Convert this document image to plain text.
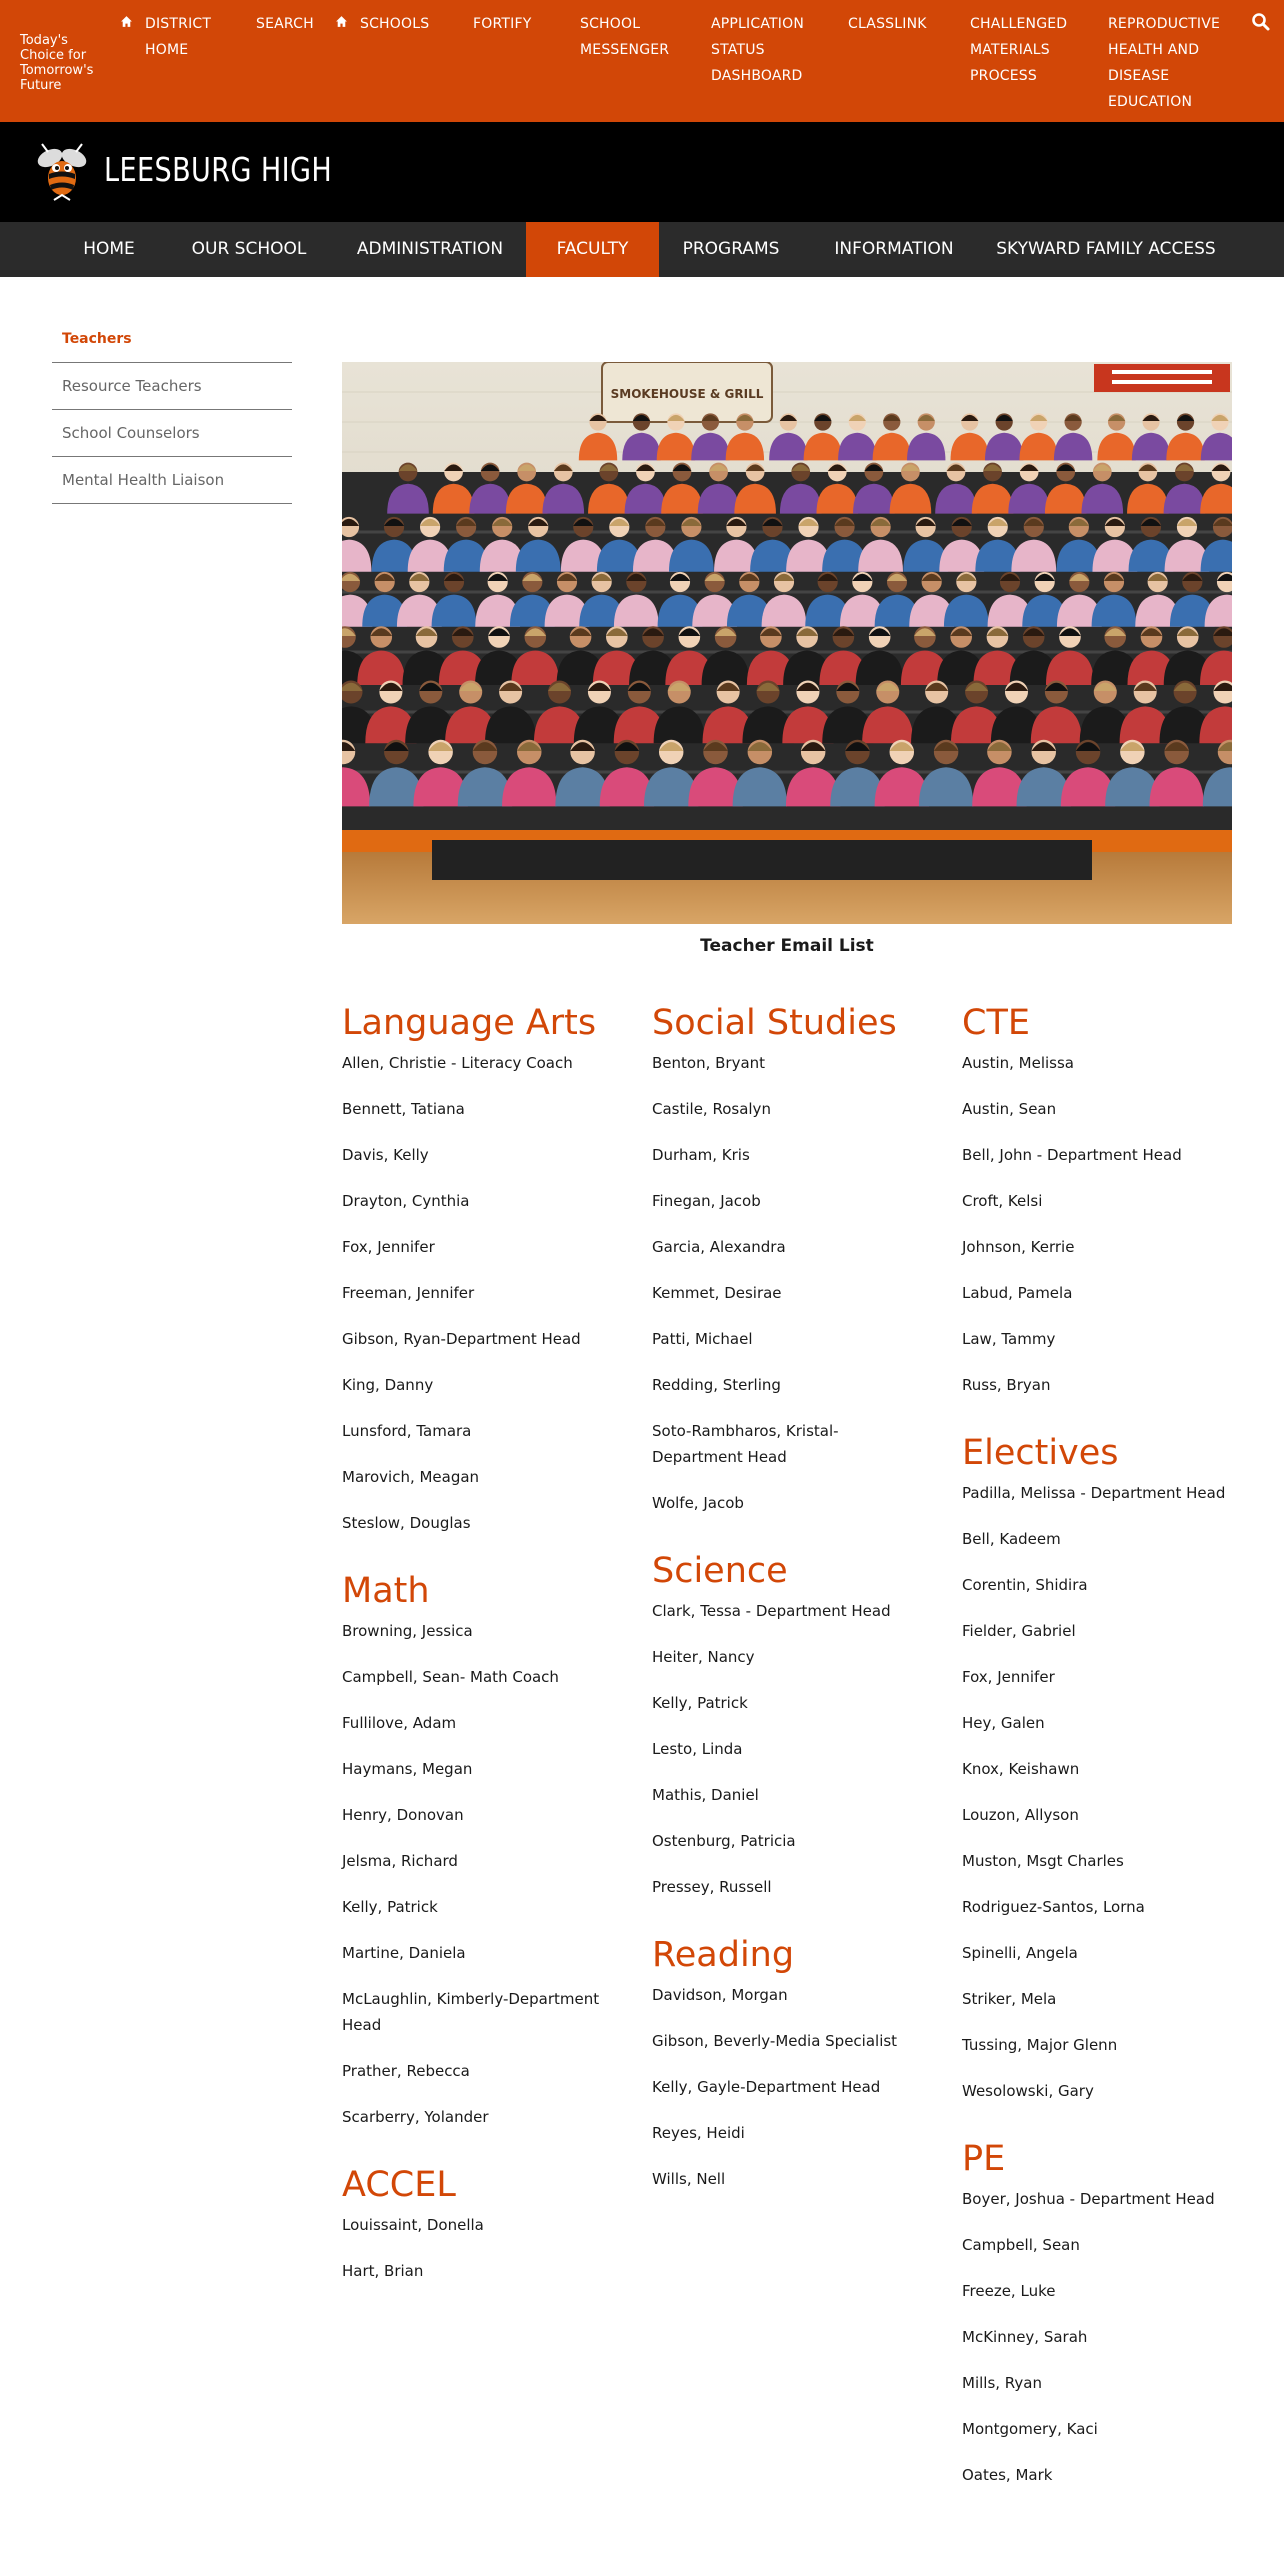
Today's Choice for Tomorrow's Future
DISTRICT HOME
SEARCH	SCHOOLS	FORTIFY	SCHOOL MESSENGER
APPLICATION STATUS DASHBOARD
CLASSLINK	CHALLENGED MATERIALS PROCESS
REPRODUCTIVE HEALTH AND DISEASE EDUCATION
LEESBURG HIGH
HOME	OUR SCHOOL	ADMINISTRATION	FACULTY	PROGRAMS	INFORMATION	SKYWARD FAMILY ACCESS
Teachers
Resource Teachers
School Counselors
Mental Health Liaison
SMOKEHOUSE & GRILL
Teacher Email List
Language Arts
Allen, Christie - Literacy Coach
Bennett, Tatiana
Davis, Kelly
Drayton, Cynthia
Fox, Jennifer
Freeman, Jennifer
Gibson, Ryan-Department Head
King, Danny
Lunsford, Tamara
Marovich, Meagan
Steslow, Douglas
Math
Browning, Jessica
Campbell, Sean- Math Coach
Fullilove, Adam
Haymans, Megan
Henry, Donovan
Jelsma, Richard
Kelly, Patrick
Martine, Daniela
McLaughlin, Kimberly-Department Head
Prather, Rebecca
Scarberry, Yolander
ACCEL
Louissaint, Donella
Hart, Brian
Social Studies
Benton, Bryant
Castile, Rosalyn
Durham, Kris
Finegan, Jacob
Garcia, Alexandra
Kemmet, Desirae
Patti, Michael
Redding, Sterling
Soto-Rambharos, Kristal-Department Head
Wolfe, Jacob
Science
Clark, Tessa - Department Head
Heiter, Nancy
Kelly, Patrick
Lesto, Linda
Mathis, Daniel
Ostenburg, Patricia
Pressey, Russell
Reading
Davidson, Morgan
Gibson, Beverly-Media Specialist
Kelly, Gayle-Department Head
Reyes, Heidi
Wills, Nell
CTE
Austin, Melissa
Austin, Sean
Bell, John - Department Head
Croft, Kelsi
Johnson, Kerrie
Labud, Pamela
Law, Tammy
Russ, Bryan
Electives
Padilla, Melissa - Department Head
Bell, Kadeem
Corentin, Shidira
Fielder, Gabriel
Fox, Jennifer
Hey, Galen
Knox, Keishawn
Louzon, Allyson
Muston, Msgt Charles
Rodriguez-Santos, Lorna
Spinelli, Angela
Striker, Mela
Tussing, Major Glenn
Wesolowski, Gary
PE
Boyer, Joshua - Department Head
Campbell, Sean
Freeze, Luke
McKinney, Sarah
Mills, Ryan
Montgomery, Kaci
Oates, Mark
